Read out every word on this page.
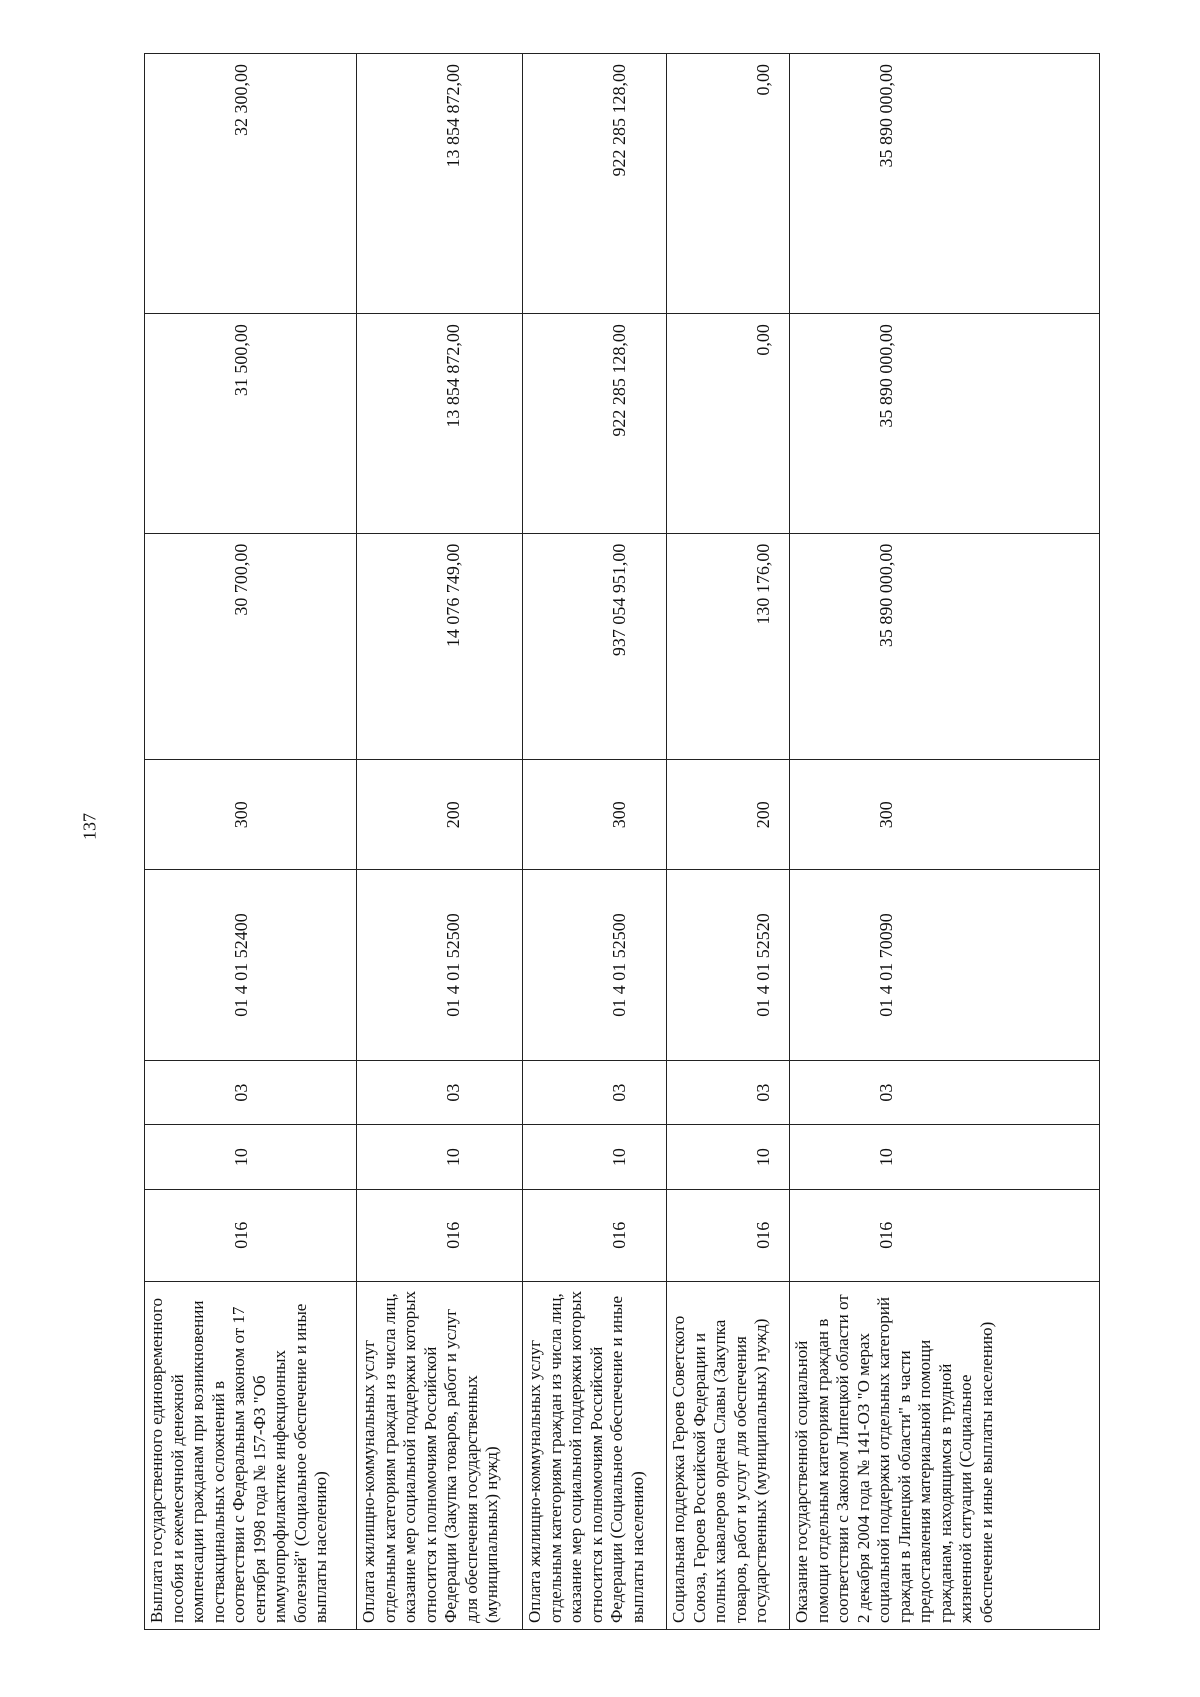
137
Выплата государственного единовременного пособия и ежемесячной денежной компенсации гражданам при возникновении поствакцинальных осложнений в соответствии с Федеральным законом от 17 сентября 1998 года № 157-ФЗ "Об иммунопрофилактике инфекционных болезней" (Социальное обеспечение и иные выплаты населению)	016	10	03	01 4 01 52400	300	30 700,00	31 500,00	32 300,00
Оплата жилищно-коммунальных услуг отдельным категориям граждан из числа лиц, оказание мер социальной поддержки которых относится к полномочиям Российской Федерации (Закупка товаров, работ и услуг для обеспечения государственных (муниципальных) нужд)	016	10	03	01 4 01 52500	200	14 076 749,00	13 854 872,00	13 854 872,00
Оплата жилищно-коммунальных услуг отдельным категориям граждан из числа лиц, оказание мер социальной поддержки которых относится к полномочиям Российской Федерации (Социальное обеспечение и иные выплаты населению)	016	10	03	01 4 01 52500	300	937 054 951,00	922 285 128,00	922 285 128,00
Социальная поддержка Героев Советского Союза, Героев Российской Федерации и полных кавалеров ордена Славы (Закупка товаров, работ и услуг для обеспечения государственных (муниципальных) нужд)	016	10	03	01 4 01 52520	200	130 176,00	0,00	0,00
Оказание государственной социальной помощи отдельным категориям граждан в соответствии с Законом Липецкой области от 2 декабря 2004 года № 141-ОЗ "О мерах социальной поддержки отдельных категорий граждан в Липецкой области" в части предоставления материальной помощи гражданам, находящимся в трудной жизненной ситуации (Социальное обеспечение и иные выплаты населению)	016	10	03	01 4 01 70090	300	35 890 000,00	35 890 000,00	35 890 000,00
